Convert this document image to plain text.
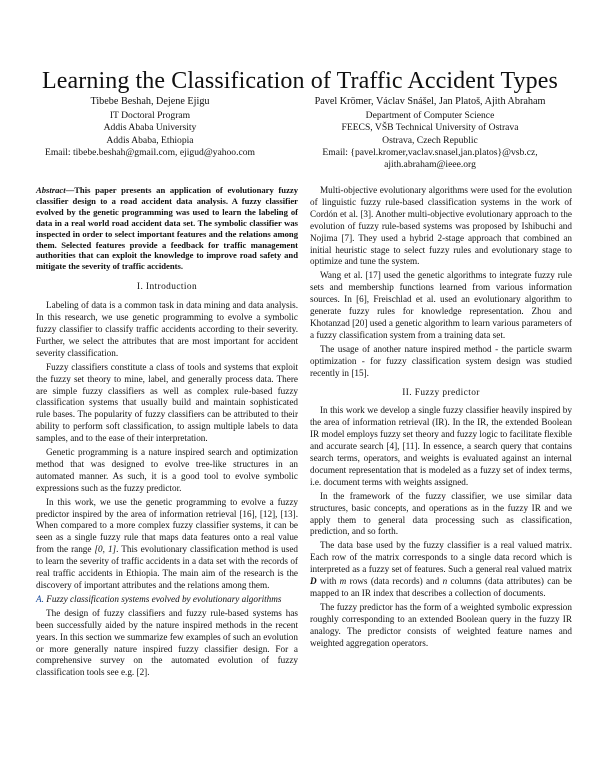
Learning the Classification of Traffic Accident Types
Tibebe Beshah, Dejene Ejigu
IT Doctoral Program
Addis Ababa University
Addis Ababa, Ethiopia
Email: tibebe.beshah@gmail.com, ejigud@yahoo.com
Pavel Krömer, Václav Snášel, Jan Platoš, Ajith Abraham
Department of Computer Science
FEECS, VŠB Technical University of Ostrava
Ostrava, Czech Republic
Email: {pavel.kromer,vaclav.snasel,jan.platos}@vsb.cz,
ajith.abraham@ieee.org

Abstract—This paper presents an application of evolutionary fuzzy classifier design to a road accident data analysis. A fuzzy classifier evolved by the genetic programming was used to learn the labeling of data in a real world road accident data set. The symbolic classifier was inspected in order to select important features and the relations among them. Selected features provide a feedback for traffic management authorities that can exploit the knowledge to improve road safety and mitigate the severity of traffic accidents.

I. Introduction

Labeling of data is a common task in data mining and data analysis. In this research, we use genetic programming to evolve a symbolic fuzzy classifier to classify traffic accidents according to their severity. Further, we select the attributes that are most important for accident severity classification.

Fuzzy classifiers constitute a class of tools and systems that exploit the fuzzy set theory to mine, label, and generally process data. There are simple fuzzy classifiers as well as complex rule-based fuzzy classification systems that usually build and maintain sophisticated rule bases. The popularity of fuzzy classifiers can be attributed to their ability to perform soft classification, to assign multiple labels to data samples, and to the ease of their interpretation.

Genetic programming is a nature inspired search and optimization method that was designed to evolve tree-like structures in an automated manner. As such, it is a good tool to evolve symbolic expressions such as the fuzzy predictor.

In this work, we use the genetic programming to evolve a fuzzy predictor inspired by the area of information retrieval [16], [12], [13]. When compared to a more complex fuzzy classifier systems, it can be seen as a single fuzzy rule that maps data features onto a real value from the range [0, 1]. This evolutionary classification method is used to learn the severity of traffic accidents in a data set with the records of real traffic accidents in Ethiopia. The main aim of the research is the discovery of important attributes and the relations among them.

A. Fuzzy classification systems evolved by evolutionary algorithms

The design of fuzzy classifiers and fuzzy rule-based systems has been successfully aided by the nature inspired methods in the recent years. In this section we summarize few examples of such an evolution or more generally nature inspired fuzzy classifier design. For a comprehensive survey on the automated evolution of fuzzy classification tools see e.g. [2].

Multi-objective evolutionary algorithms were used for the evolution of linguistic fuzzy rule-based classification systems in the work of Cordón et al. [3]. Another multi-objective evolutionary approach to the evolution of fuzzy rule-based systems was proposed by Ishibuchi and Nojima [7]. They used a hybrid 2-stage approach that combined an initial heuristic stage to select fuzzy rules and evolutionary stage to optimize and tune the system.

Wang et al. [17] used the genetic algorithms to integrate fuzzy rule sets and membership functions learned from various information sources. In [6], Freischlad et al. used an evolutionary algorithm to generate fuzzy rules for knowledge representation. Zhou and Khotanzad [20] used a genetic algorithm to learn various parameters of a fuzzy classification system from a training data set.

The usage of another nature inspired method - the particle swarm optimization - for fuzzy classification system design was studied recently in [15].

II. Fuzzy predictor

In this work we develop a single fuzzy classifier heavily inspired by the area of information retrieval (IR). In the IR, the extended Boolean IR model employs fuzzy set theory and fuzzy logic to facilitate flexible and accurate search [4], [11]. In essence, a search query that contains search terms, operators, and weights is evaluated against an internal document representation that is modeled as a fuzzy set of index terms, i.e. document terms with weights assigned.

In the framework of the fuzzy classifier, we use similar data structures, basic concepts, and operations as in the fuzzy IR and we apply them to general data processing such as classification, prediction, and so forth.

The data base used by the fuzzy classifier is a real valued matrix. Each row of the matrix corresponds to a single data record which is interpreted as a fuzzy set of features. Such a general real valued matrix D with m rows (data records) and n columns (data attributes) can be mapped to an IR index that describes a collection of documents.

The fuzzy predictor has the form of a weighted symbolic expression roughly corresponding to an extended Boolean query in the fuzzy IR analogy. The predictor consists of weighted feature names and weighted aggregation operators.
